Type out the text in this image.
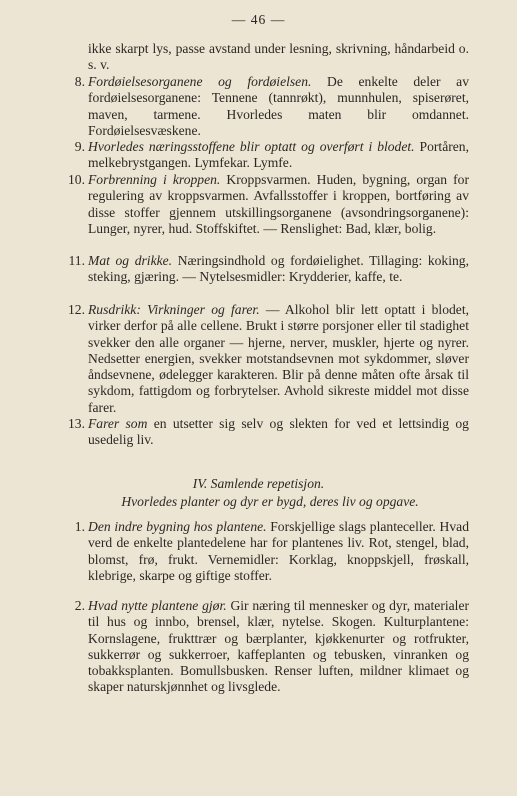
— 46 —

ikke skarpt lys, passe avstand under lesning, skrivning, håndarbeid o. s. v.

8. Fordøielsesorganene og fordøielsen. De enkelte deler av fordøielsesorganene: Tennene (tannrøkt), munnhulen, spiserøret, maven, tarmene. Hvorledes maten blir omdannet. Fordøielsesvæskene.

9. Hvorledes næringsstoffene blir optatt og overført i blodet. Portåren, melkebrystgangen. Lymfekar. Lymfe.

10. Forbrenning i kroppen. Kroppsvarmen. Huden, bygning, organ for regulering av kroppsvarmen. Avfallsstoffer i kroppen, bortføring av disse stoffer gjennem utskillingsorganene (avsondringsorganene): Lunger, nyrer, hud. Stoffskiftet. — Renslighet: Bad, klær, bolig.

11. Mat og drikke. Næringsindhold og fordøielighet. Tillaging: koking, steking, gjæring. — Nytelsesmidler: Krydderier, kaffe, te.

12. Rusdrikk: Virkninger og farer. — Alkohol blir lett optatt i blodet, virker derfor på alle cellene. Brukt i større porsjoner eller til stadighet svekker den alle organer — hjerne, nerver, muskler, hjerte og nyrer. Nedsetter energien, svekker motstandsevnen mot sykdommer, sløver åndsevnene, ødelegger karakteren. Blir på denne måten ofte årsak til sykdom, fattigdom og forbrytelser. Avhold sikreste middel mot disse farer.

13. Farer som en utsetter sig selv og slekten for ved et lettsindig og usedelig liv.

IV. Samlende repetisjon.
Hvorledes planter og dyr er bygd, deres liv og opgave.
1. Den indre bygning hos plantene. Forskjellige slags planteceller. Hvad verd de enkelte plantedelene har for plantenes liv. Rot, stengel, blad, blomst, frø, frukt. Vernemidler: Korklag, knoppskjell, frøskall, klebrige, skarpe og giftige stoffer.

2. Hvad nytte plantene gjør. Gir næring til mennesker og dyr, materialer til hus og innbo, brensel, klær, nytelse. Skogen. Kulturplantene: Kornslagene, frukttrær og bærplanter, kjøkkenurter og rotfrukter, sukkerrør og sukkerroer, kaffeplanten og tebusken, vinranken og tobakksplanten. Bomullsbusken. Renser luften, mildner klimaet og skaper naturskjønnhet og livsglede.
